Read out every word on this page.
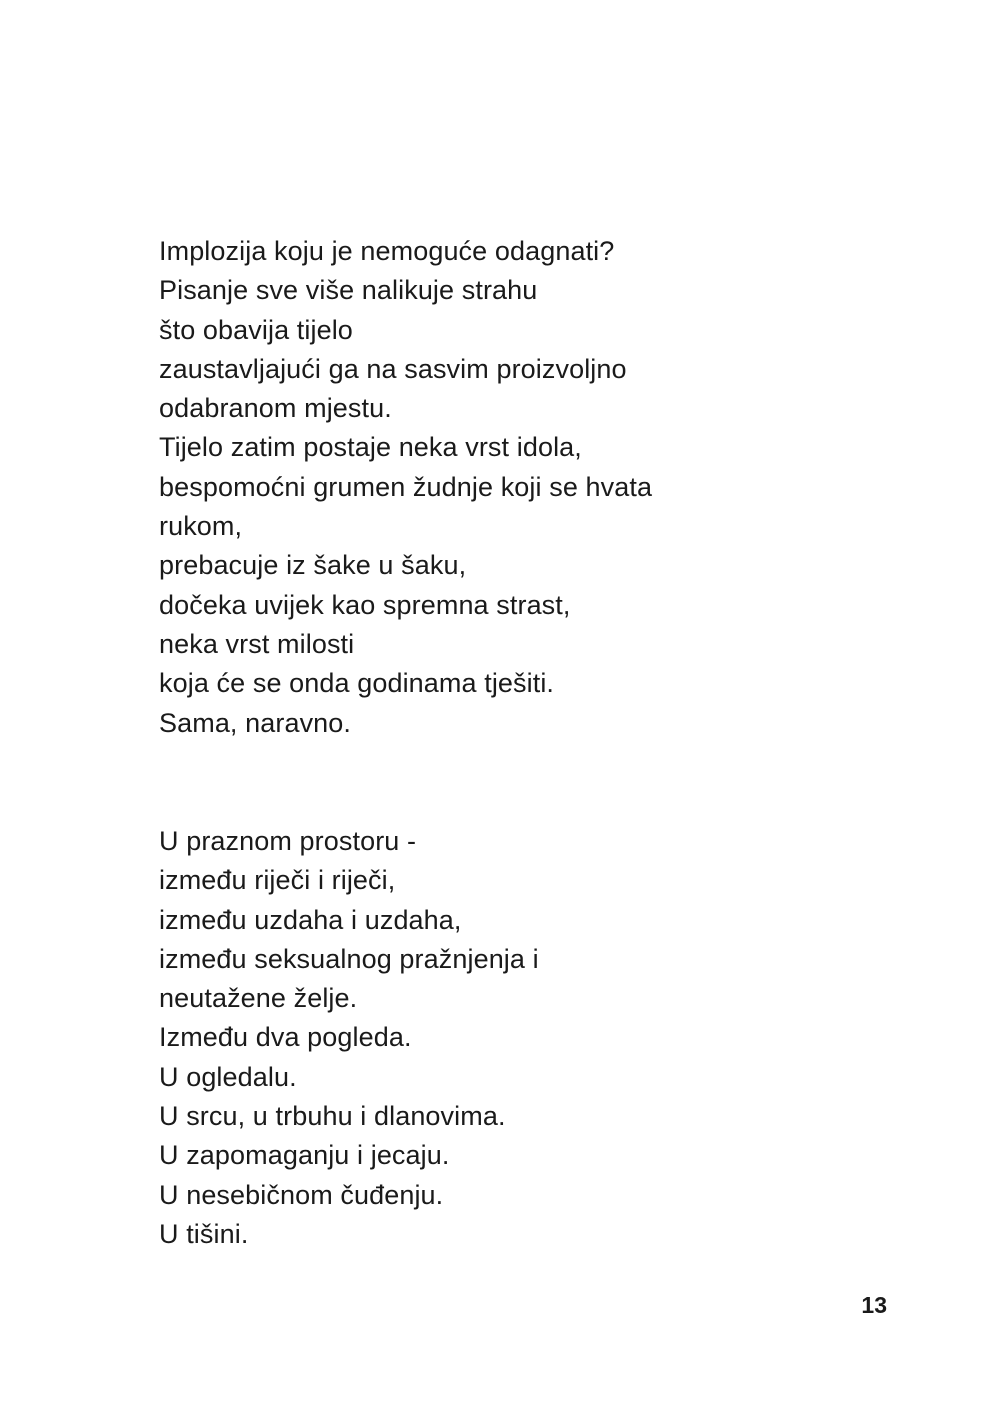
Implozija koju je nemoguće odagnati?
Pisanje sve više nalikuje strahu
što obavija tijelo
zaustavljajući ga na sasvim proizvoljno
odabranom mjestu.
Tijelo zatim postaje neka vrst idola,
bespomoćni grumen žudnje koji se hvata
rukom,
prebacuje iz šake u šaku,
dočeka uvijek kao spremna strast,
neka vrst milosti
koja će se onda godinama tješiti.
Sama, naravno.
U praznom prostoru -
između riječi i riječi,
između uzdaha i uzdaha,
između seksualnog pražnjenja i
neutažene želje.
Između dva pogleda.
U ogledalu.
U srcu, u trbuhu i dlanovima.
U zapomaganju i jecaju.
U nesebičnom čuđenju.
U tišini.
13
